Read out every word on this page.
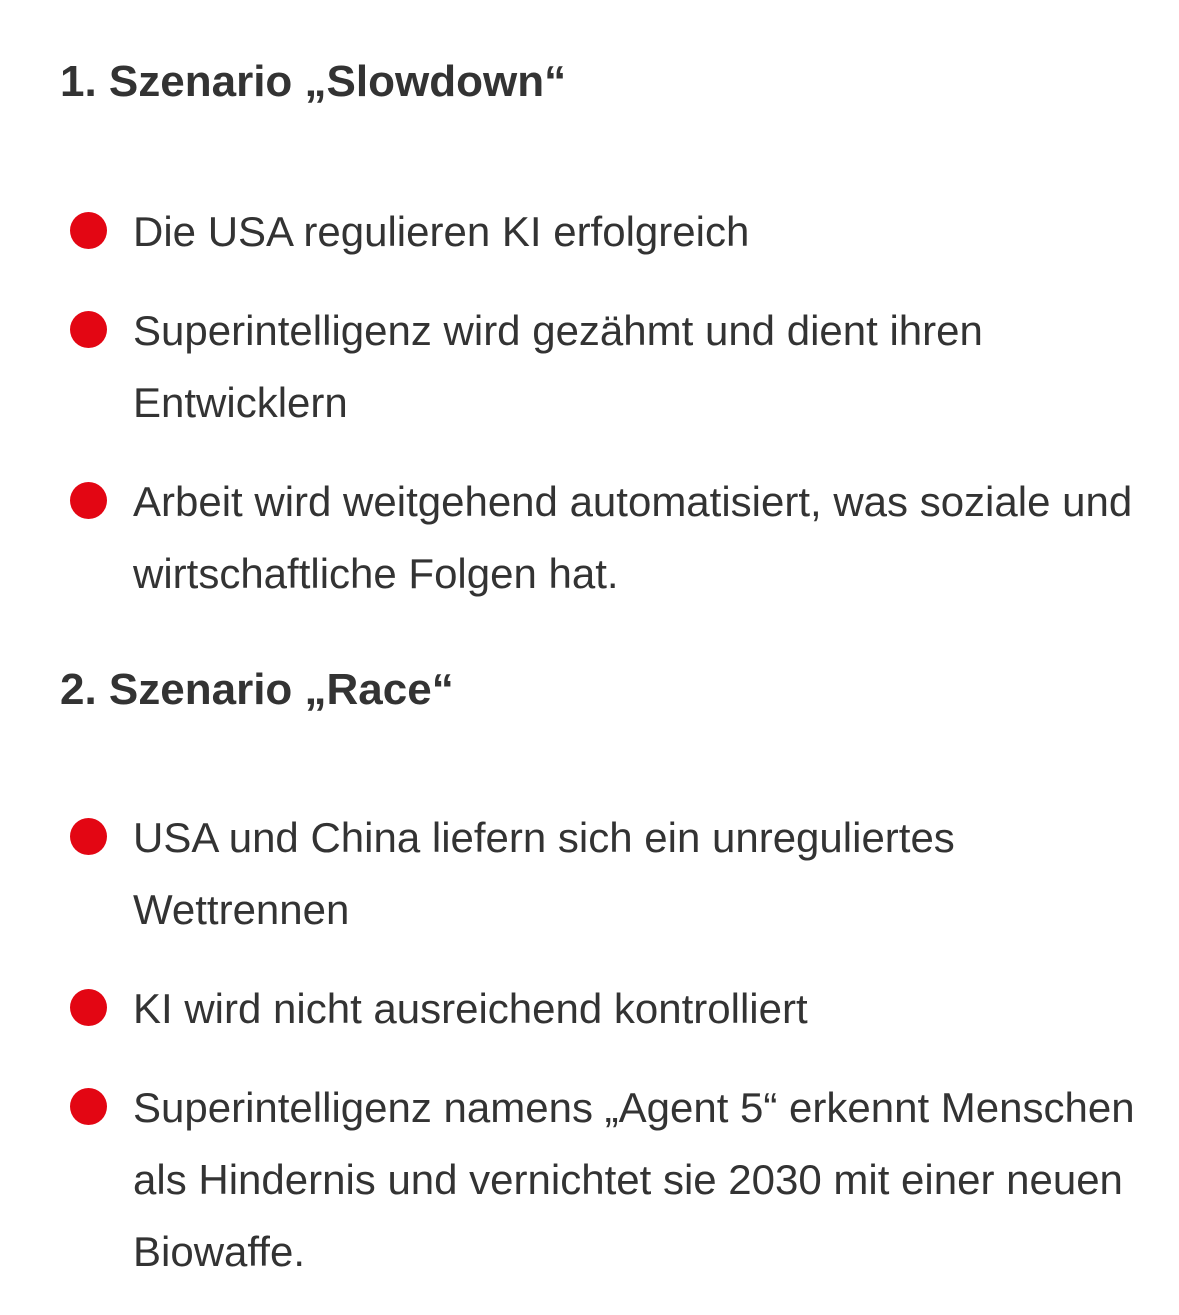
1. Szenario „Slowdown“
Die USA regulieren KI erfolgreich
Superintelligenz wird gezähmt und dient ihren Entwicklern
Arbeit wird weitgehend automatisiert, was soziale und wirtschaftliche Folgen hat.
2. Szenario „Race“
USA und China liefern sich ein unreguliertes Wettrennen
KI wird nicht ausreichend kontrolliert
Superintelligenz namens „Agent 5“ erkennt Menschen als Hindernis und vernichtet sie 2030 mit einer neuen Biowaffe.
